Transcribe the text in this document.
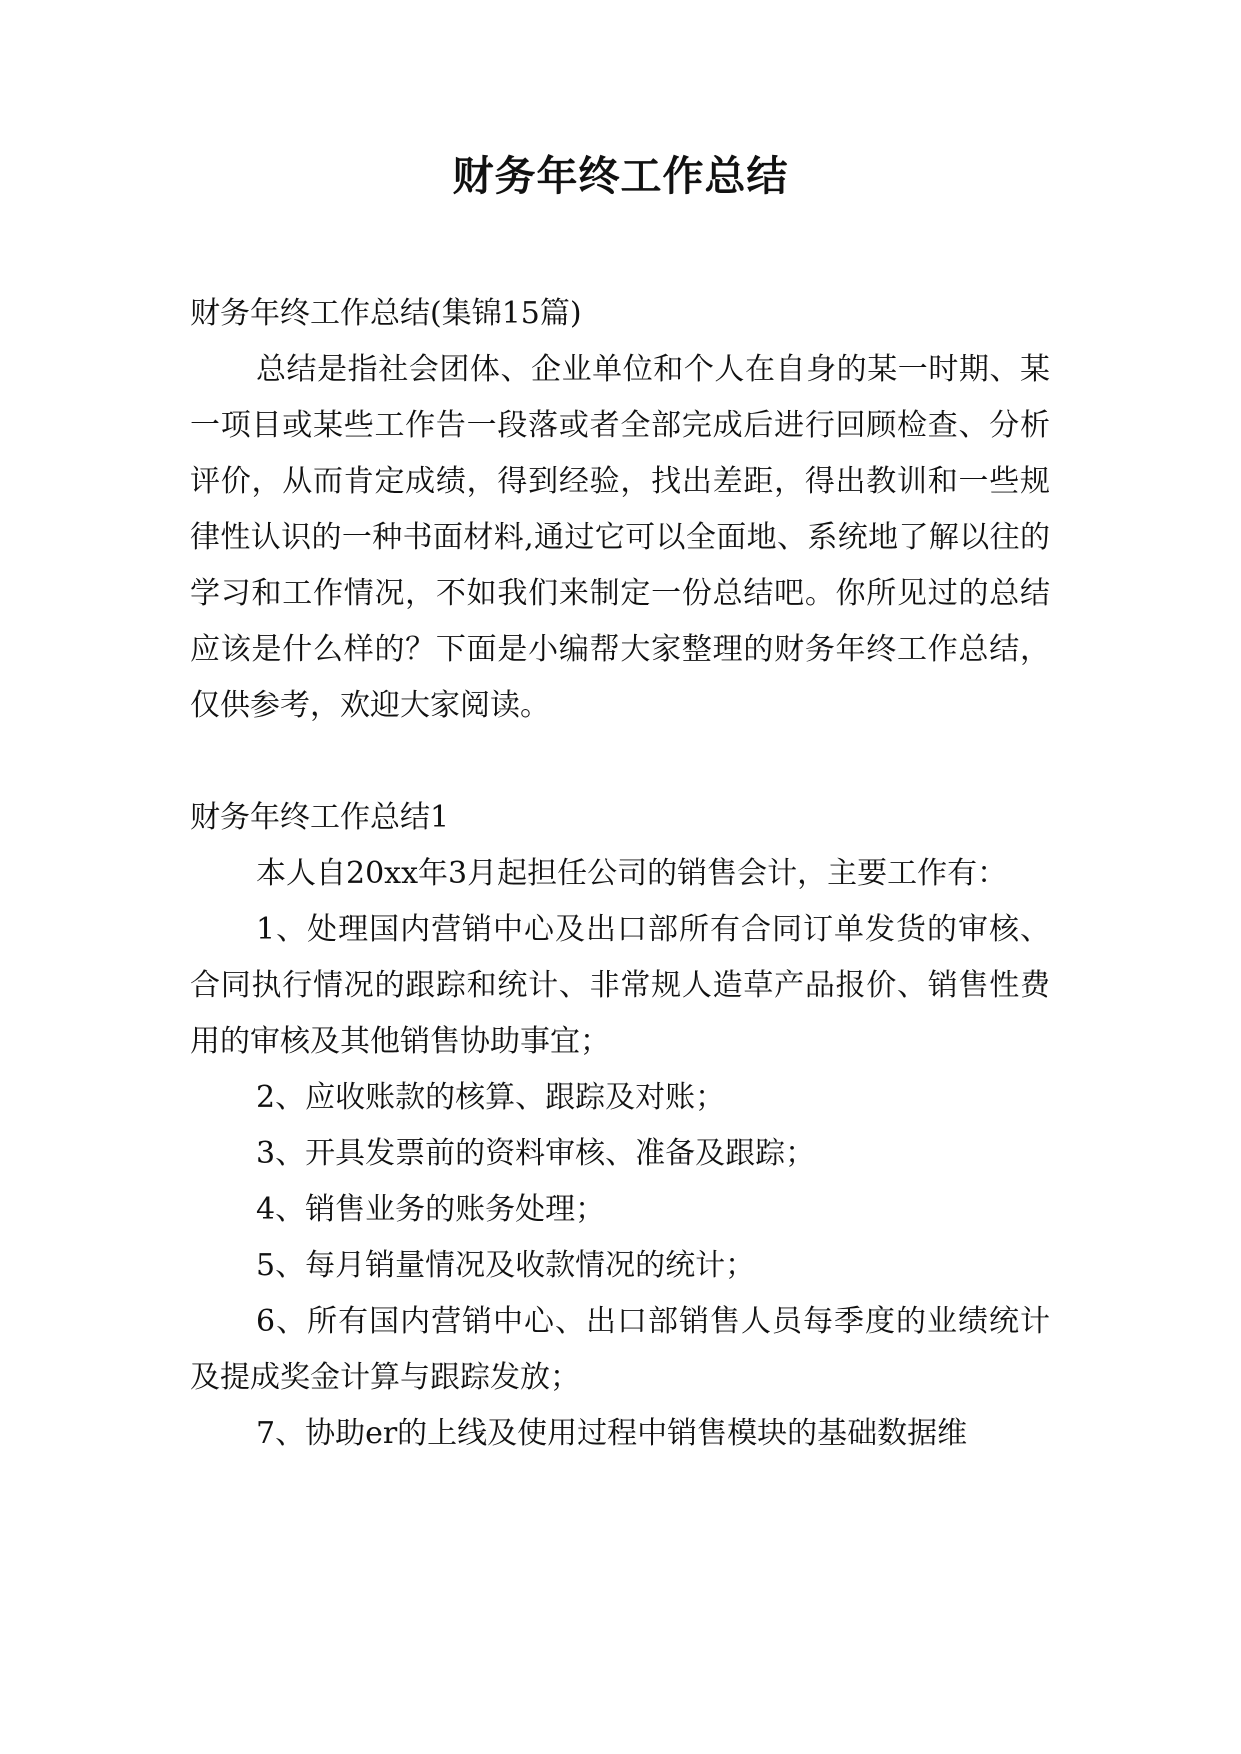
财务年终工作总结

财务年终工作总结(集锦15篇)

总结是指社会团体、企业单位和个人在自身的某一时期、某一项目或某些工作告一段落或者全部完成后进行回顾检查、分析评价，从而肯定成绩，得到经验，找出差距，得出教训和一些规律性认识的一种书面材料,通过它可以全面地、系统地了解以往的学习和工作情况，不如我们来制定一份总结吧。你所见过的总结应该是什么样的？下面是小编帮大家整理的财务年终工作总结，仅供参考，欢迎大家阅读。

财务年终工作总结1

本人自20xx年3月起担任公司的销售会计，主要工作有：

1、处理国内营销中心及出口部所有合同订单发货的审核、合同执行情况的跟踪和统计、非常规人造草产品报价、销售性费用的审核及其他销售协助事宜；

2、应收账款的核算、跟踪及对账；

3、开具发票前的资料审核、准备及跟踪；

4、销售业务的账务处理；

5、每月销量情况及收款情况的统计；

6、所有国内营销中心、出口部销售人员每季度的业绩统计及提成奖金计算与跟踪发放；

7、协助er的上线及使用过程中销售模块的基础数据维
